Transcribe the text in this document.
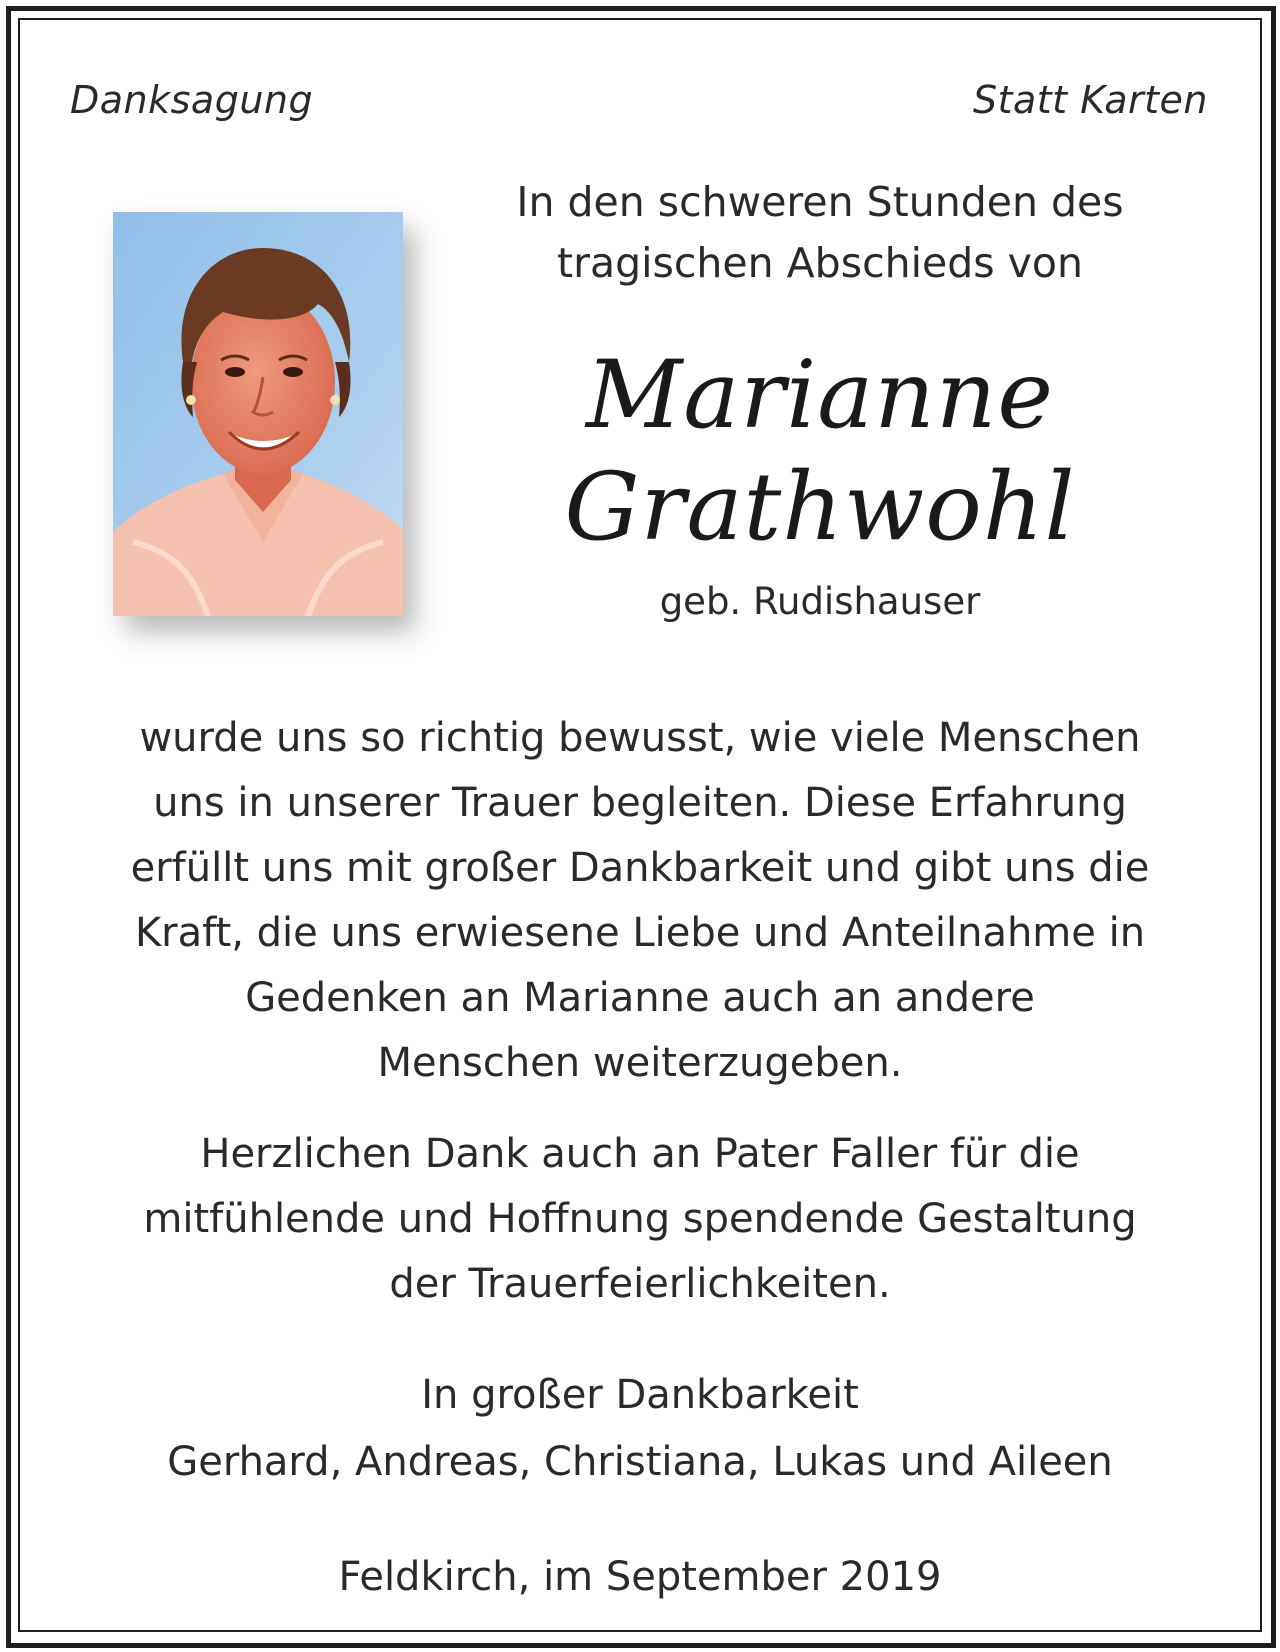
Danksagung	Statt Karten
In den schweren Stunden des
tragischen Abschieds von
Marianne
Grathwohl
geb. Rudishauser
wurde uns so richtig bewusst, wie viele Menschen
uns in unserer Trauer begleiten. Diese Erfahrung
erfüllt uns mit großer Dankbarkeit und gibt uns die
Kraft, die uns erwiesene Liebe und Anteilnahme in
Gedenken an Marianne auch an andere
Menschen weiterzugeben.
Herzlichen Dank auch an Pater Faller für die
mitfühlende und Hoffnung spendende Gestaltung
der Trauerfeierlichkeiten.
In großer Dankbarkeit
Gerhard, Andreas, Christiana, Lukas und Aileen
Feldkirch, im September 2019
